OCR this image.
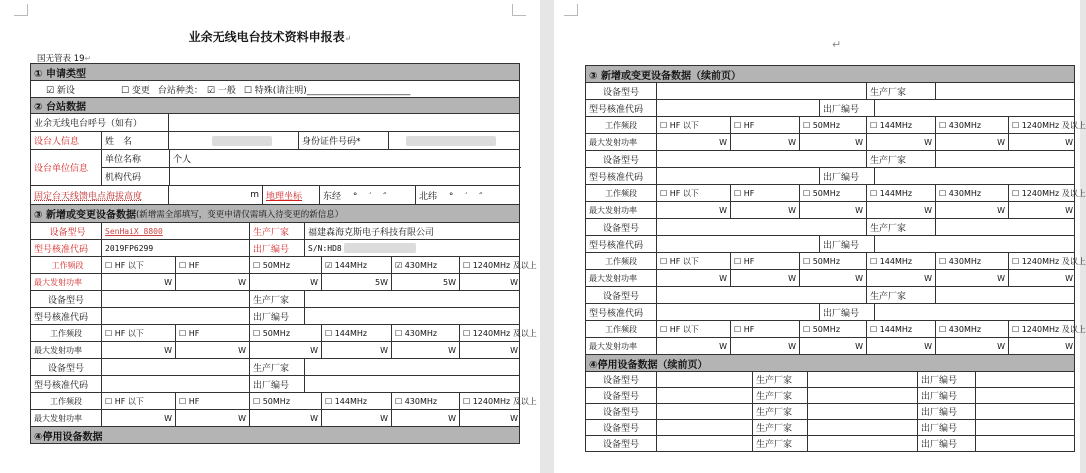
业余无线电台技术资料申报表↵
国无管表 19↵
① 申请类型
☑ 新设	☐ 变更 台站种类： ☑ 一般 ☐ 特殊(请注明)_______________________
② 台站数据
业余无线电台呼号（如有）
设台人信息	姓　名	身份证件号码*
设台单位信息
单位名称	个人
机构代码
固定台天线馈电点海拔高度	m 地理坐标	东经　 °　 ′　 ″	北纬　 °　 ′　 ″
③ 新增或变更设备数据 (新增需全部填写，变更申请仅需填入待变更的新信息）
设备型号	SenHaiX 8800	生产厂家	福建森海克斯电子科技有限公司
型号核准代码	2019FP6299	出厂编号	S/N:HD8
工作频段	☐ HF 以下	☐ HF	☐ 50MHz	☑ 144MHz	☑ 430MHz	☐ 1240MHz 及以上
最大发射功率	W	W	W	5W	5W	W
设备型号	生产厂家
型号核准代码	出厂编号
工作频段	☐ HF 以下	☐ HF	☐ 50MHz	☐ 144MHz	☐ 430MHz	☐ 1240MHz 及以上
最大发射功率	W	W	W	W	W	W
设备型号	生产厂家
型号核准代码	出厂编号
工作频段	☐ HF 以下	☐ HF	☐ 50MHz	☐ 144MHz	☐ 430MHz	☐ 1240MHz 及以上
最大发射功率	W	W	W	W	W	W
④停用设备数据
↵
③ 新增或变更设备数据（续前页）
设备型号	生产厂家
型号核准代码	出厂编号
工作频段	☐ HF 以下	☐ HF	☐ 50MHz	☐ 144MHz	☐ 430MHz	☐ 1240MHz 及以上
最大发射功率	W	W	W	W	W	W
设备型号	生产厂家
型号核准代码	出厂编号
工作频段	☐ HF 以下	☐ HF	☐ 50MHz	☐ 144MHz	☐ 430MHz	☐ 1240MHz 及以上
最大发射功率	W	W	W	W	W	W
设备型号	生产厂家
型号核准代码	出厂编号
工作频段	☐ HF 以下	☐ HF	☐ 50MHz	☐ 144MHz	☐ 430MHz	☐ 1240MHz 及以上
最大发射功率	W	W	W	W	W	W
设备型号	生产厂家
型号核准代码	出厂编号
工作频段	☐ HF 以下	☐ HF	☐ 50MHz	☐ 144MHz	☐ 430MHz	☐ 1240MHz 及以上
最大发射功率	W	W	W	W	W	W
④停用设备数据（续前页）
设备型号	生产厂家	出厂编号
设备型号	生产厂家	出厂编号
设备型号	生产厂家	出厂编号
设备型号	生产厂家	出厂编号
设备型号	生产厂家	出厂编号
